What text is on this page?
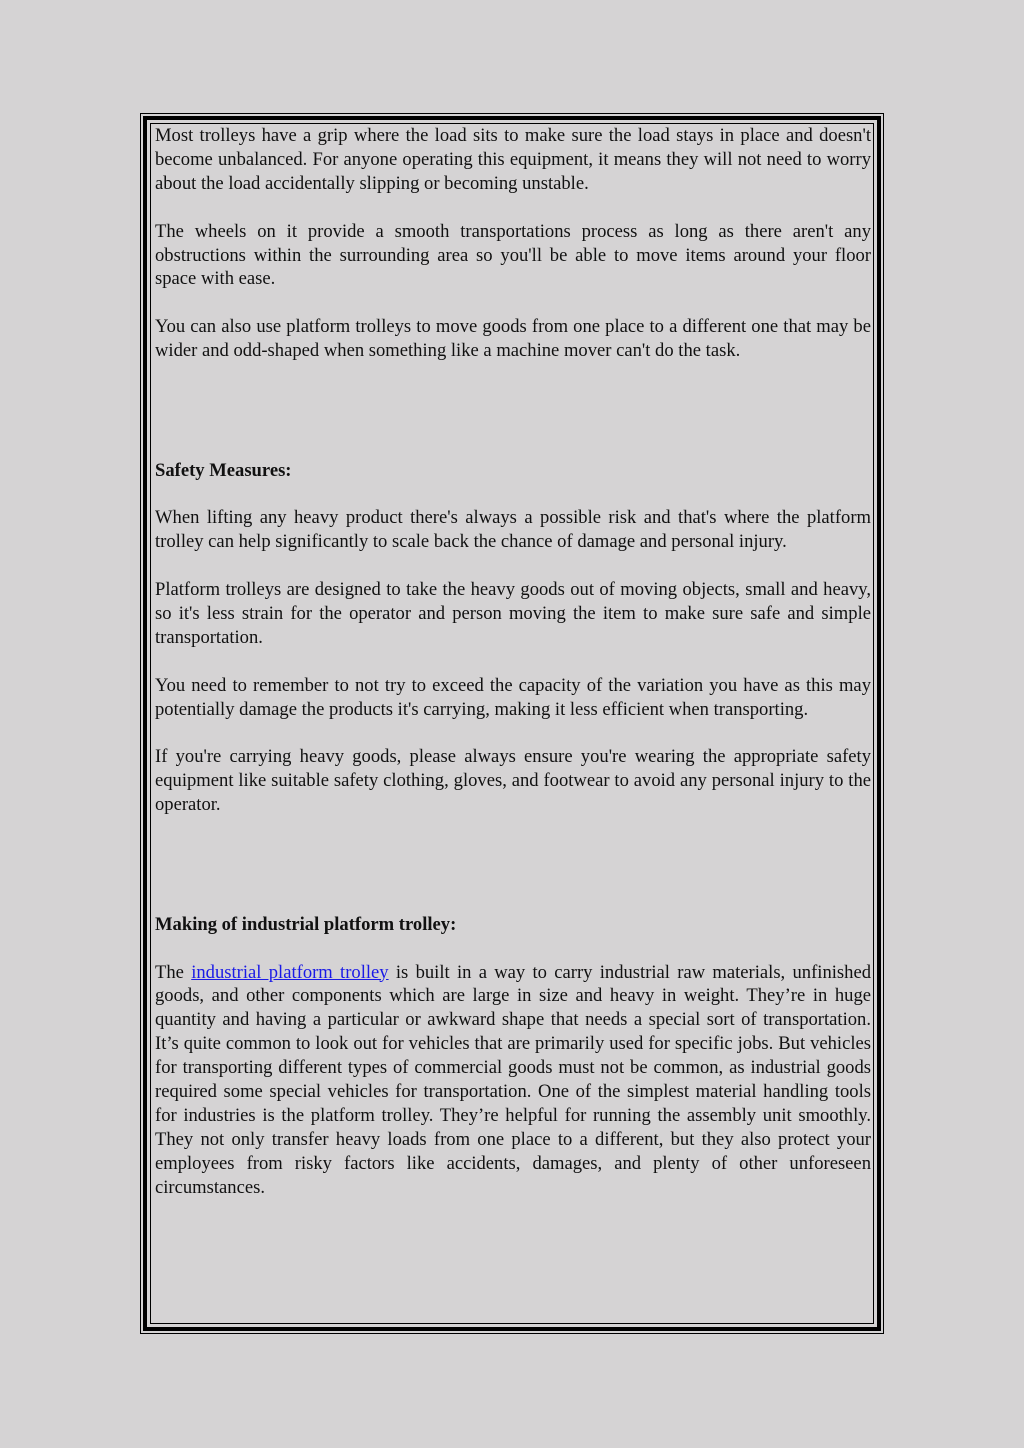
Most trolleys have a grip where the load sits to make sure the load stays in place and doesn't become unbalanced. For anyone operating this equipment, it means they will not need to worry about the load accidentally slipping or becoming unstable.

The wheels on it provide a smooth transportations process as long as there aren't any obstructions within the surrounding area so you'll be able to move items around your floor space with ease.

You can also use platform trolleys to move goods from one place to a different one that may be wider and odd-shaped when something like a machine mover can't do the task.

Safety Measures:

When lifting any heavy product there's always a possible risk and that's where the platform trolley can help significantly to scale back the chance of damage and personal injury.

Platform trolleys are designed to take the heavy goods out of moving objects, small and heavy, so it's less strain for the operator and person moving the item to make sure safe and simple transportation.

You need to remember to not try to exceed the capacity of the variation you have as this may potentially damage the products it's carrying, making it less efficient when transporting.

If you're carrying heavy goods, please always ensure you're wearing the appropriate safety equipment like suitable safety clothing, gloves, and footwear to avoid any personal injury to the operator.

Making of industrial platform trolley:

The industrial platform trolley is built in a way to carry industrial raw materials, unfinished goods, and other components which are large in size and heavy in weight. They’re in huge quantity and having a particular or awkward shape that needs a special sort of transportation. It’s quite common to look out for vehicles that are primarily used for specific jobs. But vehicles for transporting different types of commercial goods must not be common, as industrial goods required some special vehicles for transportation. One of the simplest material handling tools for industries is the platform trolley. They’re helpful for running the assembly unit smoothly. They not only transfer heavy loads from one place to a different, but they also protect your employees from risky factors like accidents, damages, and plenty of other unforeseen circumstances.
